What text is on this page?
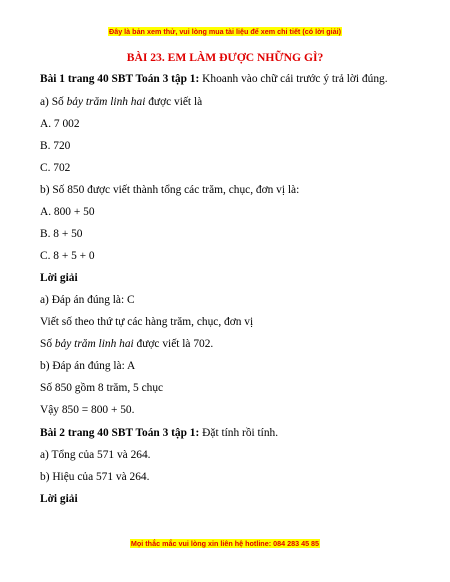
Đây là bản xem thử, vui lòng mua tài liệu để xem chi tiết (có lời giải)
BÀI 23. EM LÀM ĐƯỢC NHỮNG GÌ?
Bài 1 trang 40 SBT Toán 3 tập 1: Khoanh vào chữ cái trước ý trả lời đúng.
a) Số bảy trăm linh hai được viết là
A. 7 002
B. 720
C. 702
b) Số 850 được viết thành tổng các trăm, chục, đơn vị là:
A. 800 + 50
B. 8 + 50
C. 8 + 5 + 0
Lời giải
a) Đáp án đúng là: C
Viết số theo thứ tự các hàng trăm, chục, đơn vị
Số bảy trăm linh hai được viết là 702.
b) Đáp án đúng là: A
Số 850 gồm 8 trăm, 5 chục
Vậy 850 = 800 + 50.
Bài 2 trang 40 SBT Toán 3 tập 1: Đặt tính rồi tính.
a) Tổng của 571 và 264.
b) Hiệu của 571 và 264.
Lời giải
Mọi thắc mắc vui lòng xin liên hệ hotline: 084 283 45 85
